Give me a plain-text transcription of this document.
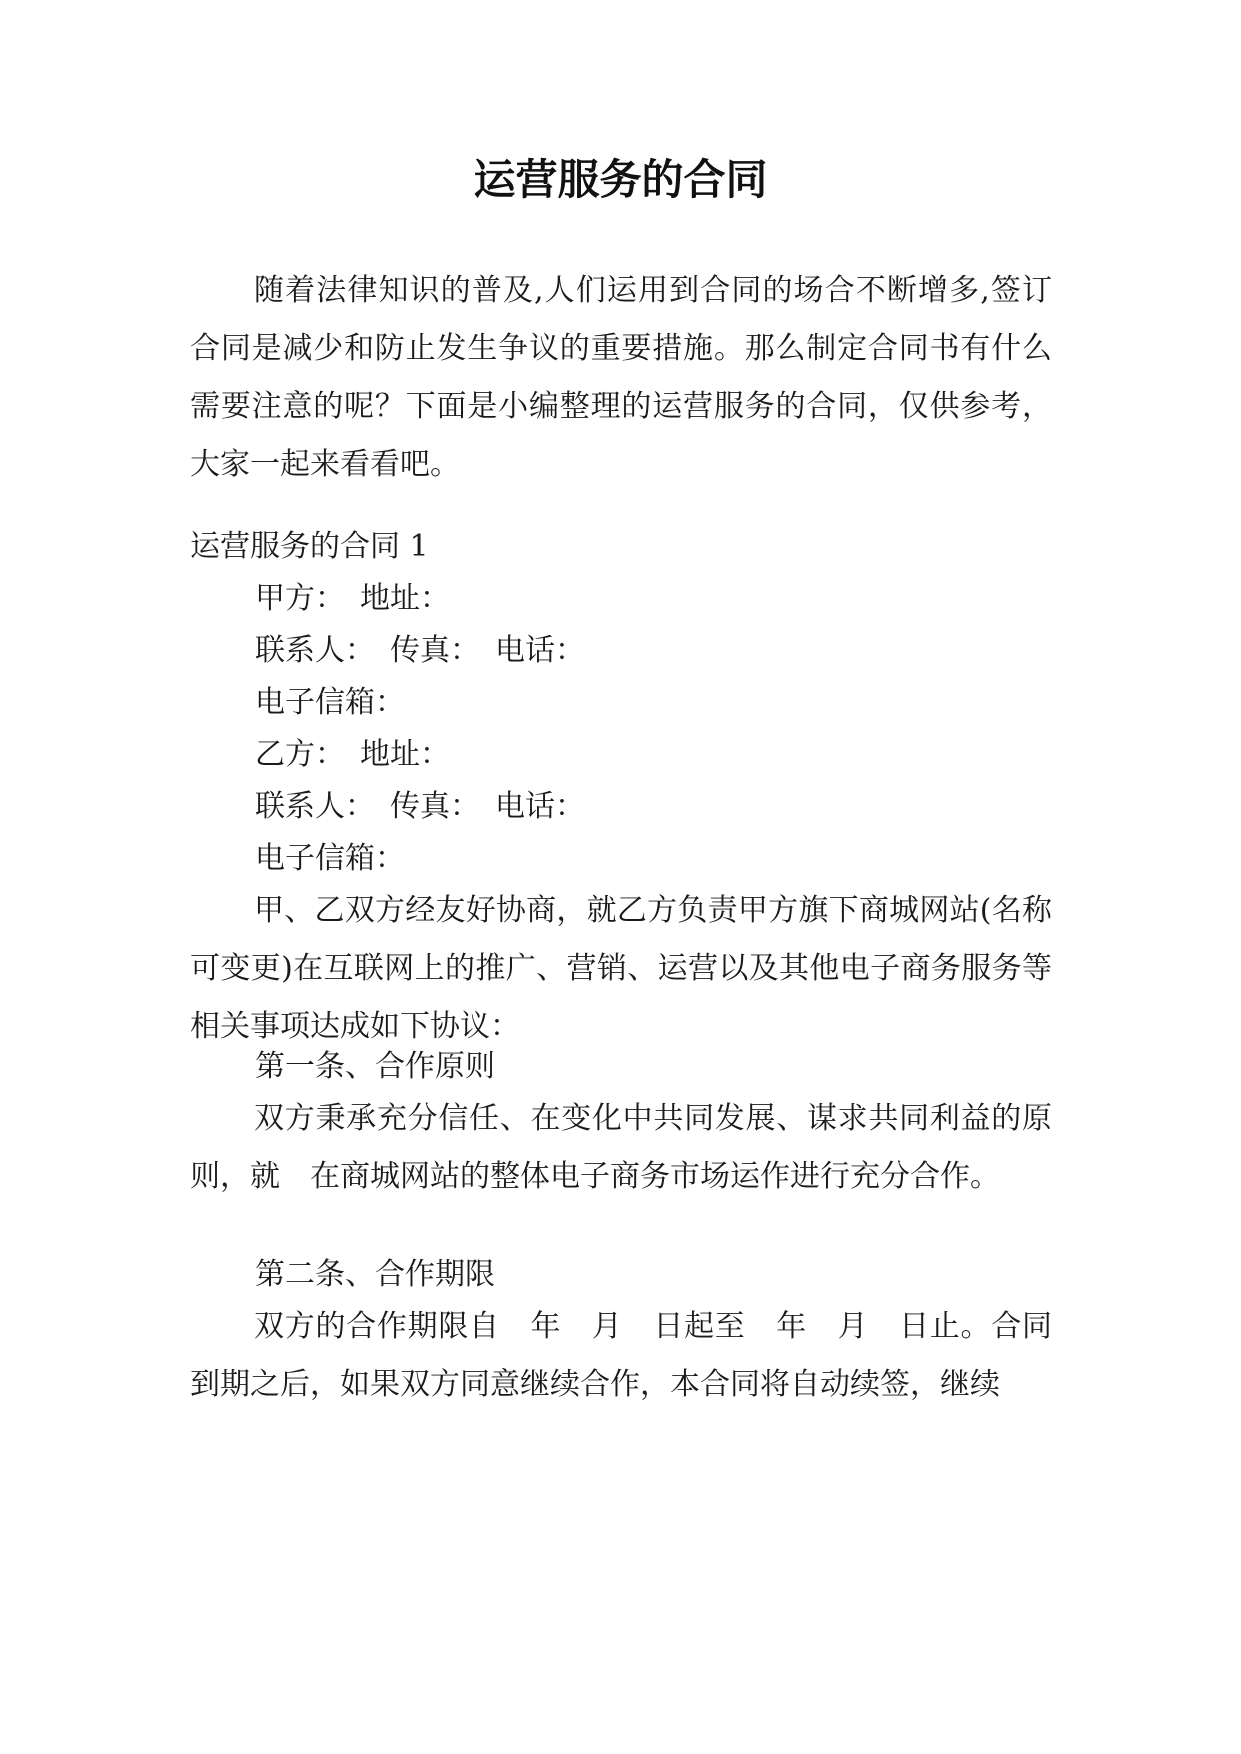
运营服务的合同

随着法律知识的普及,人们运用到合同的场合不断增多,签订合同是减少和防止发生争议的重要措施。那么制定合同书有什么需要注意的呢？下面是小编整理的运营服务的合同，仅供参考，大家一起来看看吧。

运营服务的合同 1

甲方：　地址：

联系人：　传真：　电话：

电子信箱：

乙方：　地址：

联系人：　传真：　电话：

电子信箱：

甲、乙双方经友好协商，就乙方负责甲方旗下商城网站(名称可变更)在互联网上的推广、营销、运营以及其他电子商务服务等相关事项达成如下协议：

第一条、合作原则

双方秉承充分信任、在变化中共同发展、谋求共同利益的原则，就　在商城网站的整体电子商务市场运作进行充分合作。

第二条、合作期限

双方的合作期限自　年　月　日起至　年　月　日止。合同到期之后，如果双方同意继续合作，本合同将自动续签，继续
